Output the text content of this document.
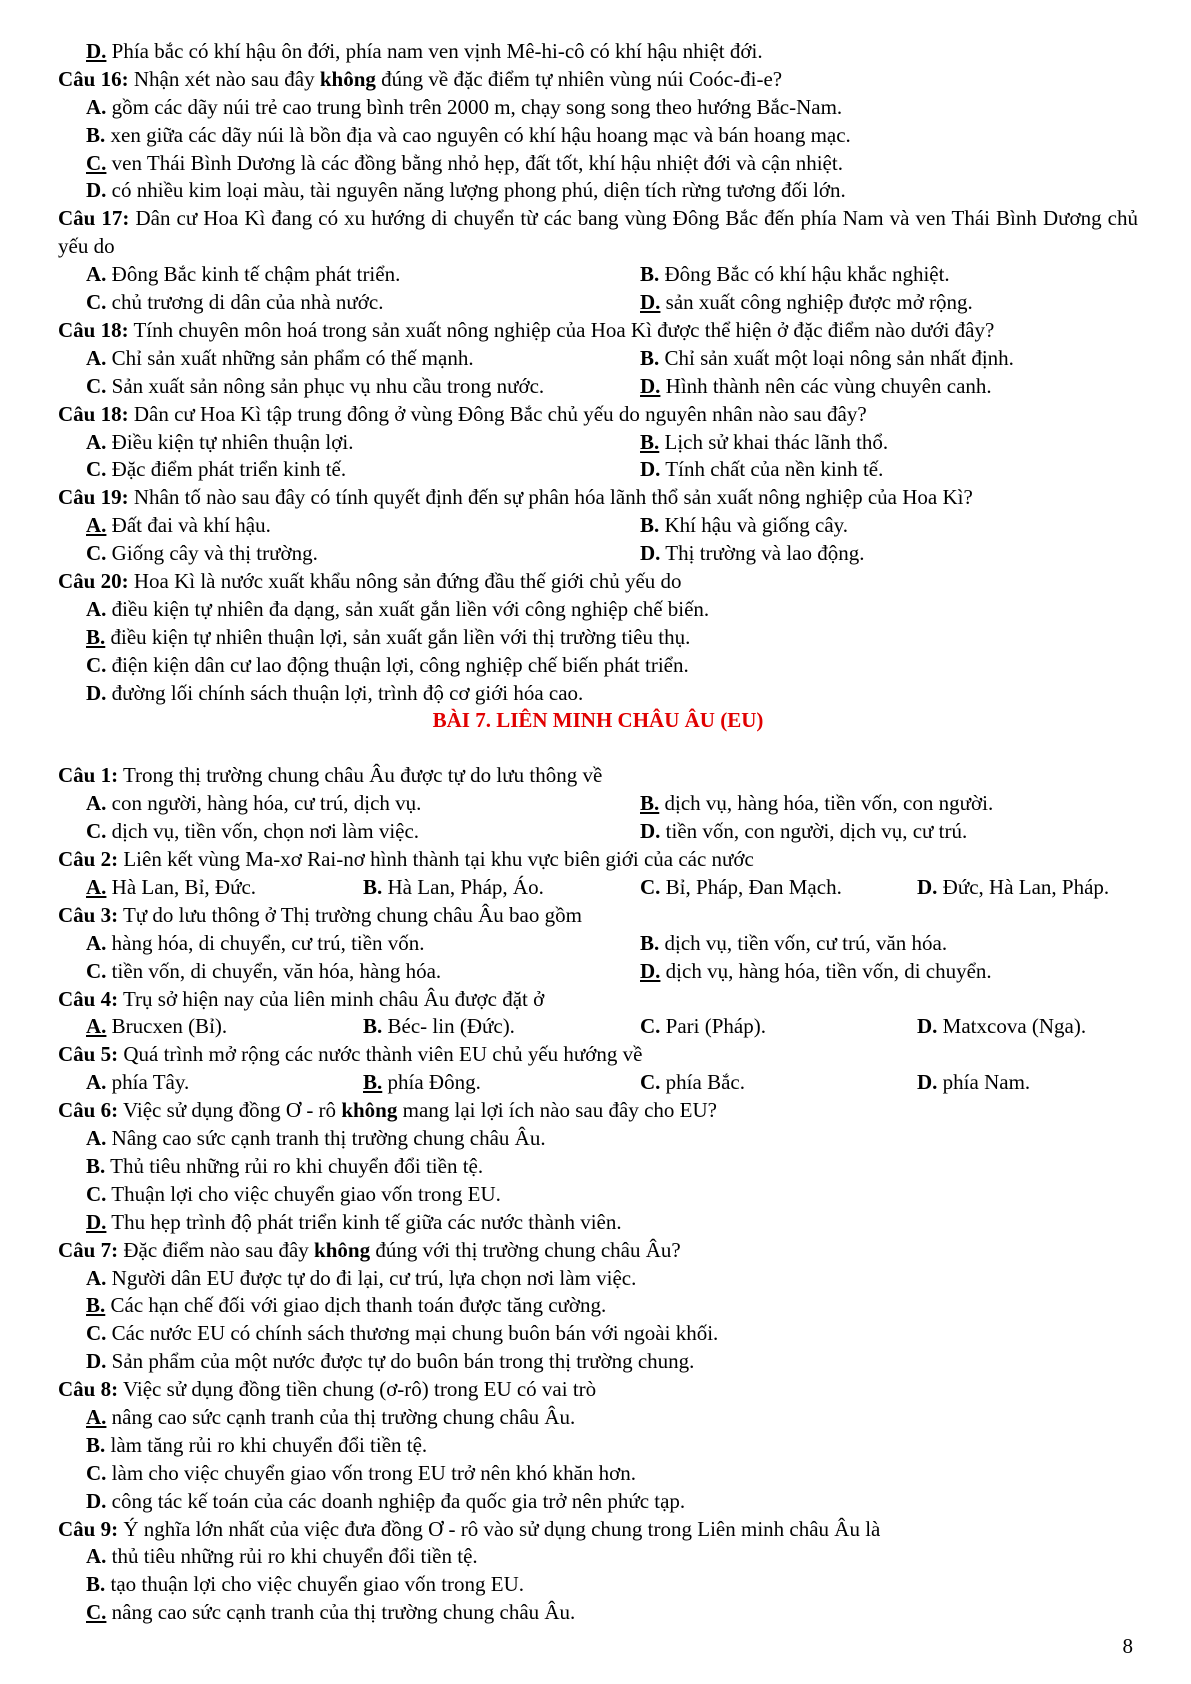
D. Phía bắc có khí hậu ôn đới, phía nam ven vịnh Mê-hi-cô có khí hậu nhiệt đới.
Câu 16: Nhận xét nào sau đây không đúng về đặc điểm tự nhiên vùng núi Coóc-đi-e?
A. gồm các dãy núi trẻ cao trung bình trên 2000 m, chạy song song theo hướng Bắc-Nam.
B. xen giữa các dãy núi là bồn địa và cao nguyên có khí hậu hoang mạc và bán hoang mạc.
C. ven Thái Bình Dương là các đồng bằng nhỏ hẹp, đất tốt, khí hậu nhiệt đới và cận nhiệt.
D. có nhiều kim loại màu, tài nguyên năng lượng phong phú, diện tích rừng tương đối lớn.
Câu 17: Dân cư Hoa Kì đang có xu hướng di chuyển từ các bang vùng Đông Bắc đến phía Nam và ven Thái Bình Dương chủ yếu do
A. Đông Bắc kinh tế chậm phát triển.	B. Đông Bắc có khí hậu khắc nghiệt.
C. chủ trương di dân của nhà nước.	D. sản xuất công nghiệp được mở rộng.
Câu 18: Tính chuyên môn hoá trong sản xuất nông nghiệp của Hoa Kì được thể hiện ở đặc điểm nào dưới đây?
A. Chỉ sản xuất những sản phẩm có thế mạnh.	B. Chỉ sản xuất một loại nông sản nhất định.
C. Sản xuất sản nông sản phục vụ nhu cầu trong nước.	D. Hình thành nên các vùng chuyên canh.
Câu 18: Dân cư Hoa Kì tập trung đông ở vùng Đông Bắc chủ yếu do nguyên nhân nào sau đây?
A. Điều kiện tự nhiên thuận lợi.	B. Lịch sử khai thác lãnh thổ.
C. Đặc điểm phát triển kinh tế.	D. Tính chất của nền kinh tế.
Câu 19: Nhân tố nào sau đây có tính quyết định đến sự phân hóa lãnh thổ sản xuất nông nghiệp của Hoa Kì?
A. Đất đai và khí hậu.	B. Khí hậu và giống cây.
C. Giống cây và thị trường.	D. Thị trường và lao động.
Câu 20: Hoa Kì là nước xuất khẩu nông sản đứng đầu thế giới chủ yếu do
A. điều kiện tự nhiên đa dạng, sản xuất gắn liền với công nghiệp chế biến.
B. điều kiện tự nhiên thuận lợi, sản xuất gắn liền với thị trường tiêu thụ.
C. điện kiện dân cư lao động thuận lợi, công nghiệp chế biến phát triển.
D. đường lối chính sách thuận lợi, trình độ cơ giới hóa cao.
BÀI 7. LIÊN MINH CHÂU ÂU (EU)
Câu 1: Trong thị trường chung châu Âu được tự do lưu thông về
A. con người, hàng hóa, cư trú, dịch vụ.	B. dịch vụ, hàng hóa, tiền vốn, con người.
C. dịch vụ, tiền vốn, chọn nơi làm việc.	D. tiền vốn, con người, dịch vụ, cư trú.
Câu 2: Liên kết vùng Ma-xơ Rai-nơ hình thành tại khu vực biên giới của các nước
A. Hà Lan, Bỉ, Đức.	B. Hà Lan, Pháp, Áo.	C. Bỉ, Pháp, Đan Mạch.	D. Đức, Hà Lan, Pháp.
Câu 3: Tự do lưu thông ở Thị trường chung châu Âu bao gồm
A. hàng hóa, di chuyển, cư trú, tiền vốn.	B. dịch vụ, tiền vốn, cư trú, văn hóa.
C. tiền vốn, di chuyển, văn hóa, hàng hóa.	D. dịch vụ, hàng hóa, tiền vốn, di chuyển.
Câu 4: Trụ sở hiện nay của liên minh châu Âu được đặt ở
A. Brucxen (Bỉ).	B. Béc- lin (Đức).	C. Pari (Pháp).	D. Matxcova (Nga).
Câu 5: Quá trình mở rộng các nước thành viên EU chủ yếu hướng về
A. phía Tây.	B. phía Đông.	C. phía Bắc.	D. phía Nam.
Câu 6: Việc sử dụng đồng Ơ - rô không mang lại lợi ích nào sau đây cho EU?
A. Nâng cao sức cạnh tranh thị trường chung châu Âu.
B. Thủ tiêu những rủi ro khi chuyển đổi tiền tệ.
C. Thuận lợi cho việc chuyển giao vốn trong EU.
D. Thu hẹp trình độ phát triển kinh tế giữa các nước thành viên.
Câu 7: Đặc điểm nào sau đây không đúng với thị trường chung châu Âu?
A. Người dân EU được tự do đi lại, cư trú, lựa chọn nơi làm việc.
B. Các hạn chế đối với giao dịch thanh toán được tăng cường.
C. Các nước EU có chính sách thương mại chung buôn bán với ngoài khối.
D. Sản phẩm của một nước được tự do buôn bán trong thị trường chung.
Câu 8: Việc sử dụng đồng tiền chung (ơ-rô) trong EU có vai trò
A. nâng cao sức cạnh tranh của thị trường chung châu Âu.
B. làm tăng rủi ro khi chuyển đổi tiền tệ.
C. làm cho việc chuyển giao vốn trong EU trở nên khó khăn hơn.
D. công tác kế toán của các doanh nghiệp đa quốc gia trở nên phức tạp.
Câu 9: Ý nghĩa lớn nhất của việc đưa đồng Ơ - rô vào sử dụng chung trong Liên minh châu Âu là
A. thủ tiêu những rủi ro khi chuyển đổi tiền tệ.
B. tạo thuận lợi cho việc chuyển giao vốn trong EU.
C. nâng cao sức cạnh tranh của thị trường chung châu Âu.
8
